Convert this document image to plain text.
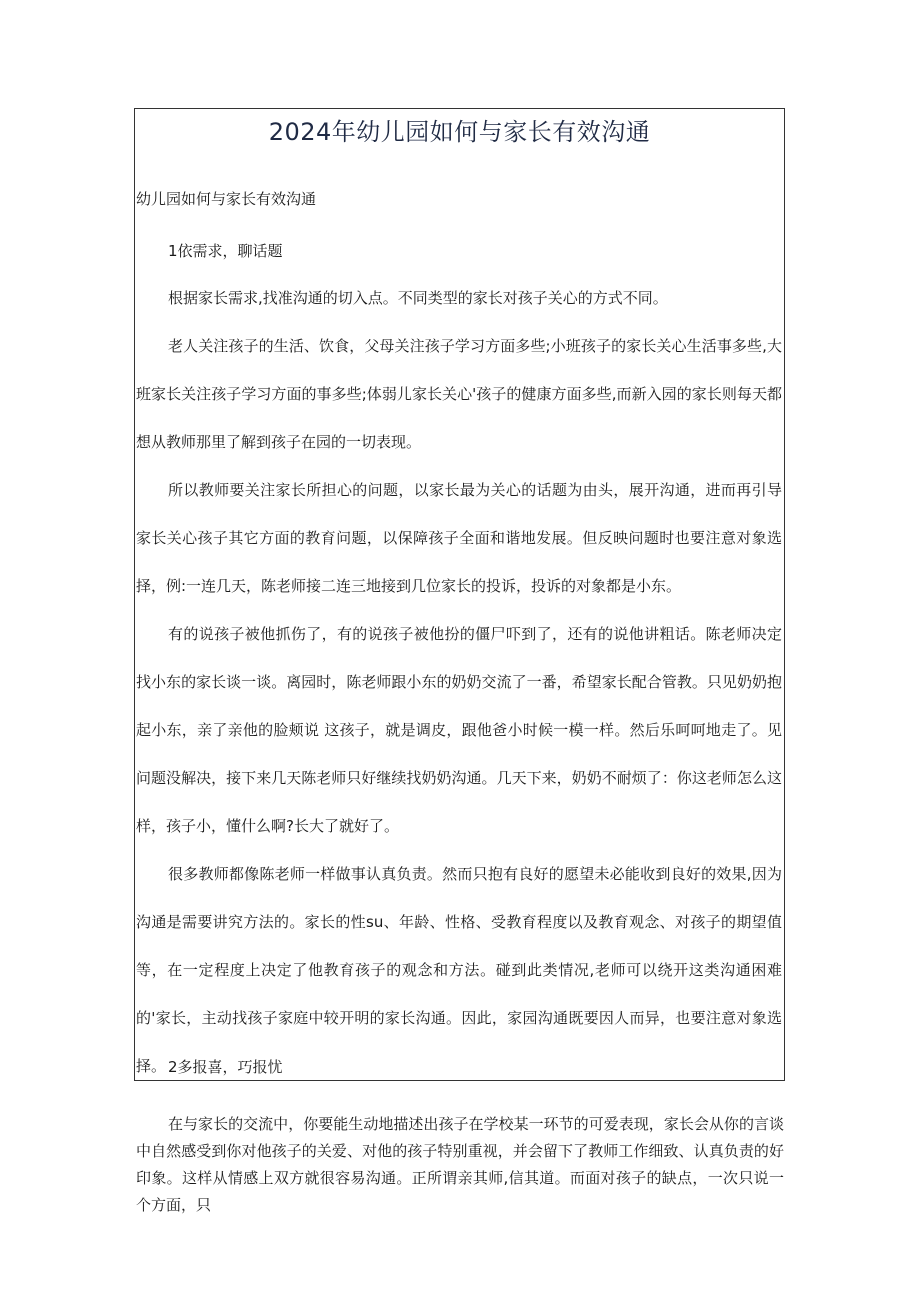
2024年幼儿园如何与家长有效沟通

幼儿园如何与家长有效沟通

1依需求，聊话题

根据家长需求,找准沟通的切入点。不同类型的家长对孩子关心的方式不同。

老人关注孩子的生活、饮食，父母关注孩子学习方面多些;小班孩子的家长关心生活事多些,大班家长关注孩子学习方面的事多些;体弱儿家长关心'孩子的健康方面多些,而新入园的家长则每天都想从教师那里了解到孩子在园的一切表现。

所以教师要关注家长所担心的问题，以家长最为关心的话题为由头，展开沟通，进而再引导家长关心孩子其它方面的教育问题，以保障孩子全面和谐地发展。但反映问题时也要注意对象选择，例:一连几天，陈老师接二连三地接到几位家长的投诉，投诉的对象都是小东。

有的说孩子被他抓伤了，有的说孩子被他扮的僵尸吓到了，还有的说他讲粗话。陈老师决定找小东的家长谈一谈。离园时，陈老师跟小东的奶奶交流了一番，希望家长配合管教。只见奶奶抱起小东，亲了亲他的脸颊说 这孩子，就是调皮，跟他爸小时候一模一样。然后乐呵呵地走了。见问题没解决，接下来几天陈老师只好继续找奶奶沟通。几天下来，奶奶不耐烦了：你这老师怎么这样，孩子小，懂什么啊?长大了就好了。

很多教师都像陈老师一样做事认真负责。然而只抱有良好的愿望未必能收到良好的效果,因为沟通是需要讲究方法的。家长的性su、年龄、性格、受教育程度以及教育观念、对孩子的期望值等，在一定程度上决定了他教育孩子的观念和方法。碰到此类情况,老师可以绕开这类沟通困难的'家长，主动找孩子家庭中较开明的家长沟通。因此，家园沟通既要因人而异，也要注意对象选择。 2多报喜，巧报忧

在与家长的交流中，你要能生动地描述出孩子在学校某一环节的可爱表现，家长会从你的言谈中自然感受到你对他孩子的关爱、对他的孩子特别重视，并会留下了教师工作细致、认真负责的好印象。这样从情感上双方就很容易沟通。正所谓亲其师,信其道。而面对孩子的缺点，一次只说一个方面，只
